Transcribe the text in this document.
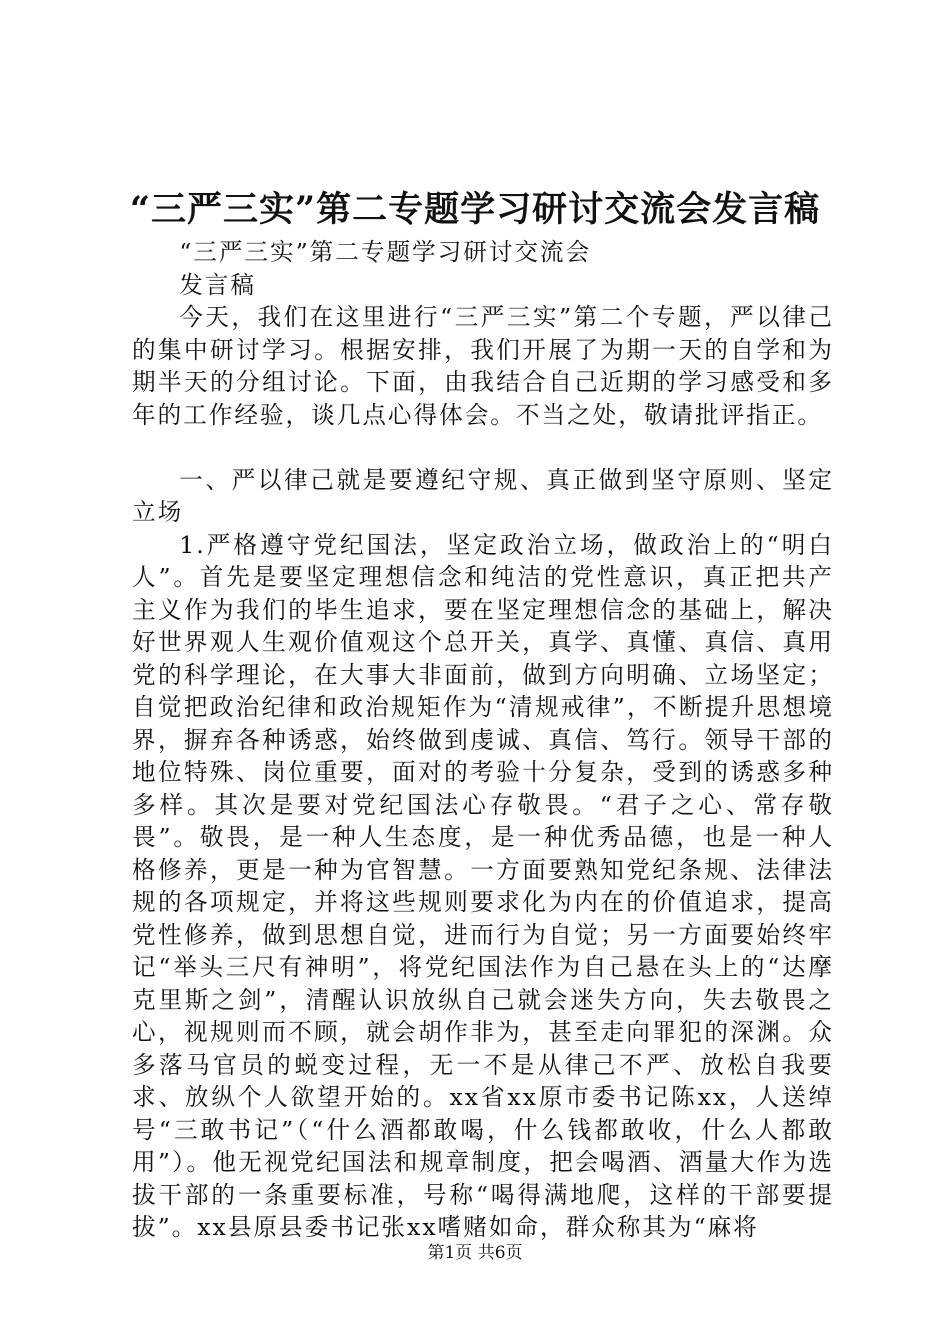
“三严三实”第二专题学习研讨交流会发言稿

“三严三实”第二专题学习研讨交流会

发言稿

今天，我们在这里进行“三严三实”第二个专题，严以律己的集中研讨学习。根据安排，我们开展了为期一天的自学和为期半天的分组讨论。下面，由我结合自己近期的学习感受和多年的工作经验，谈几点心得体会。不当之处，敬请批评指正。

一、严以律己就是要遵纪守规、真正做到坚守原则、坚定立场

1.严格遵守党纪国法，坚定政治立场，做政治上的“明白人”。首先是要坚定理想信念和纯洁的党性意识，真正把共产主义作为我们的毕生追求，要在坚定理想信念的基础上，解决好世界观人生观价值观这个总开关，真学、真懂、真信、真用党的科学理论，在大事大非面前，做到方向明确、立场坚定；自觉把政治纪律和政治规矩作为“清规戒律”，不断提升思想境界，摒弃各种诱惑，始终做到虔诚、真信、笃行。领导干部的地位特殊、岗位重要，面对的考验十分复杂，受到的诱惑多种多样。其次是要对党纪国法心存敬畏。“君子之心、常存敬畏”。敬畏，是一种人生态度，是一种优秀品德，也是一种人格修养，更是一种为官智慧。一方面要熟知党纪条规、法律法规的各项规定，并将这些规则要求化为内在的价值追求，提高党性修养，做到思想自觉，进而行为自觉；另一方面要始终牢记“举头三尺有神明”，将党纪国法作为自己悬在头上的“达摩克里斯之剑”，清醒认识放纵自己就会迷失方向，失去敬畏之心，视规则而不顾，就会胡作非为，甚至走向罪犯的深渊。众多落马官员的蜕变过程，无一不是从律己不严、放松自我要求、放纵个人欲望开始的。xx省xx原市委书记陈xx，人送绰号“三敢书记”（“什么酒都敢喝，什么钱都敢收，什么人都敢用”）。他无视党纪国法和规章制度，把会喝酒、酒量大作为选拔干部的一条重要标准，号称“喝得满地爬，这样的干部要提拔”。xx县原县委书记张xx嗜赌如命，群众称其为“麻将

第1页 共6页
